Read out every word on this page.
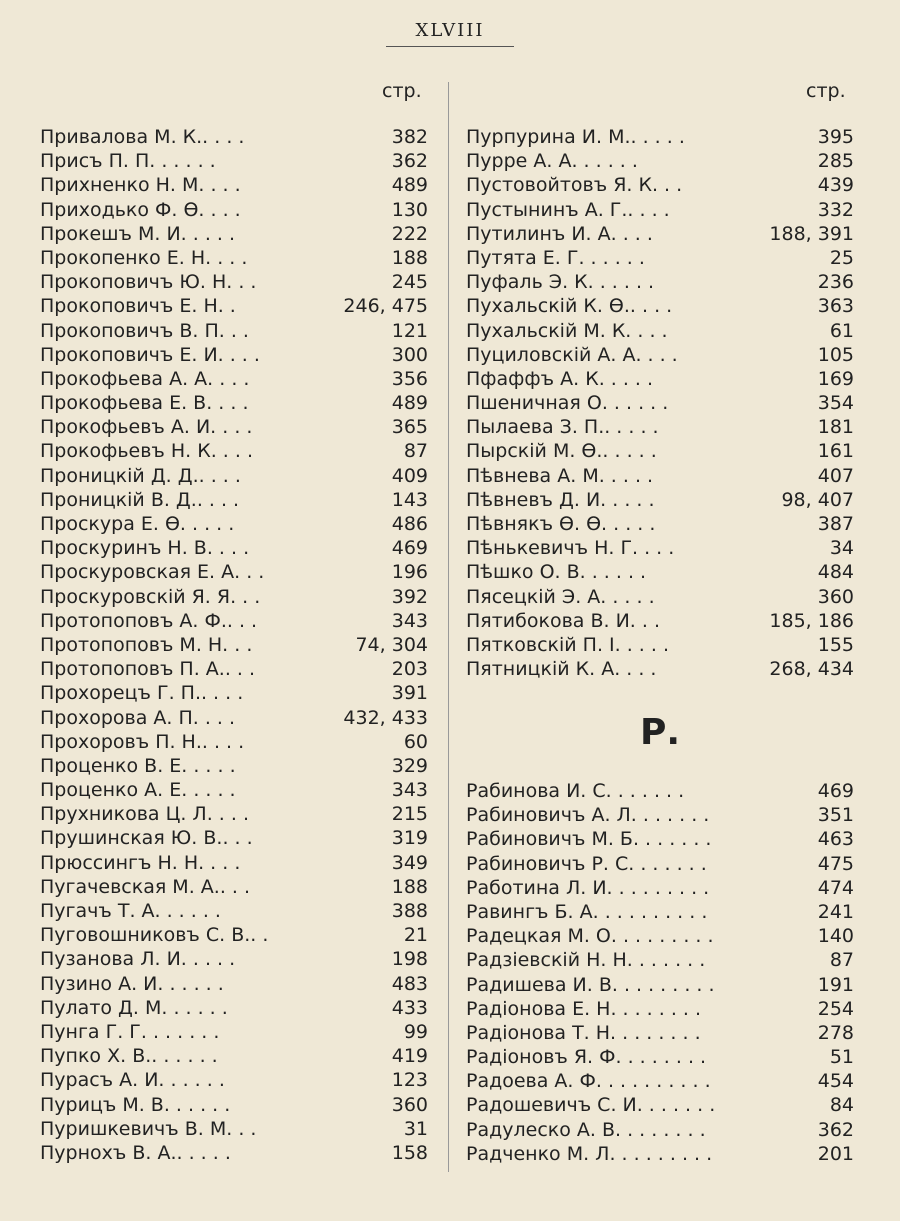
XLVIII
стр.	стр.
Привалова М. К.. . . .	382
Присъ П. П. . . . . .	362
Прихненко Н. М. . . .	489
Приходько Ф. Ө. . . .	130
Прокешъ М. И. . . . .	222
Прокопенко Е. Н. . . .	188
Прокоповичъ Ю. Н. . .	245
Прокоповичъ Е. Н. .	246, 475
Прокоповичъ В. П. . .	121
Прокоповичъ Е. И. . . .	300
Прокофьева А. А. . . .	356
Прокофьева Е. В. . . .	489
Прокофьевъ А. И. . . .	365
Прокофьевъ Н. К. . . .	87
Проницкій Д. Д.. . . .	409
Проницкій В. Д.. . . .	143
Проскура Е. Ө. . . . .	486
Проскуринъ Н. В. . . .	469
Проскуровская Е. А. . .	196
Проскуровскій Я. Я. . .	392
Протопоповъ А. Ф.. . .	343
Протопоповъ М. Н. . .	74, 304
Протопоповъ П. А.. . .	203
Прохорецъ Г. П.. . . .	391
Прохорова А. П. . . .	432, 433
Прохоровъ П. Н.. . . .	60
Проценко В. Е. . . . .	329
Проценко А. Е. . . . .	343
Прухникова Ц. Л. . . .	215
Прушинская Ю. В.. . .	319
Прюссингъ Н. Н. . . .	349
Пугачевская М. А.. . .	188
Пугачъ Т. А. . . . . .	388
Пуговошниковъ С. В.. .	21
Пузанова Л. И. . . . .	198
Пузино А. И. . . . . .	483
Пулато Д. М. . . . . .	433
Пунга Г. Г. . . . . . .	99
Пупко Х. В.. . . . . .	419
Пурасъ А. И. . . . . .	123
Пурицъ М. В. . . . . .	360
Пуришкевичъ В. М. . .	31
Пурнохъ В. А.. . . . .	158
Пурпурина И. М.. . . . .	395
Пурре А. А. . . . . .	285
Пустовойтовъ Я. К. . .	439
Пустынинъ А. Г.. . . .	332
Путилинъ И. А. . . .	188, 391
Путята Е. Г. . . . . .	25
Пуфаль Э. К. . . . . .	236
Пухальскій К. Ө.. . . .	363
Пухальскій М. К. . . .	61
Пуциловскій А. А. . . .	105
Пфаффъ А. К. . . . .	169
Пшеничная О. . . . . .	354
Пылаева З. П.. . . . .	181
Пырскій М. Ө.. . . . .	161
Пѣвнева А. М. . . . .	407
Пѣвневъ Д. И. . . . .	98, 407
Пѣвнякъ Ө. Ө. . . . .	387
Пѣнькевичъ Н. Г. . . .	34
Пѣшко О. В. . . . . .	484
Пясецкій Э. А. . . . .	360
Пятибокова В. И. . .	185, 186
Пятковскій П. I. . . . .	155
Пятницкій К. А. . . .	268, 434
Р.
Рабинова И. С. . . . . . .	469
Рабиновичъ А. Л. . . . . . .	351
Рабиновичъ М. Б. . . . . . .	463
Рабиновичъ Р. С. . . . . . .	475
Работина Л. И. . . . . . . . .	474
Равингъ Б. А. . . . . . . . . .	241
Радецкая М. О. . . . . . . . .	140
Радзіевскій Н. Н. . . . . . .	87
Радишева И. В. . . . . . . . .	191
Радіонова Е. Н. . . . . . . .	254
Радіонова Т. Н. . . . . . . .	278
Радіоновъ Я. Ф. . . . . . . .	51
Радоева А. Ф. . . . . . . . . .	454
Радошевичъ С. И. . . . . . .	84
Радулеско А. В. . . . . . . .	362
Радченко М. Л. . . . . . . . .	201
